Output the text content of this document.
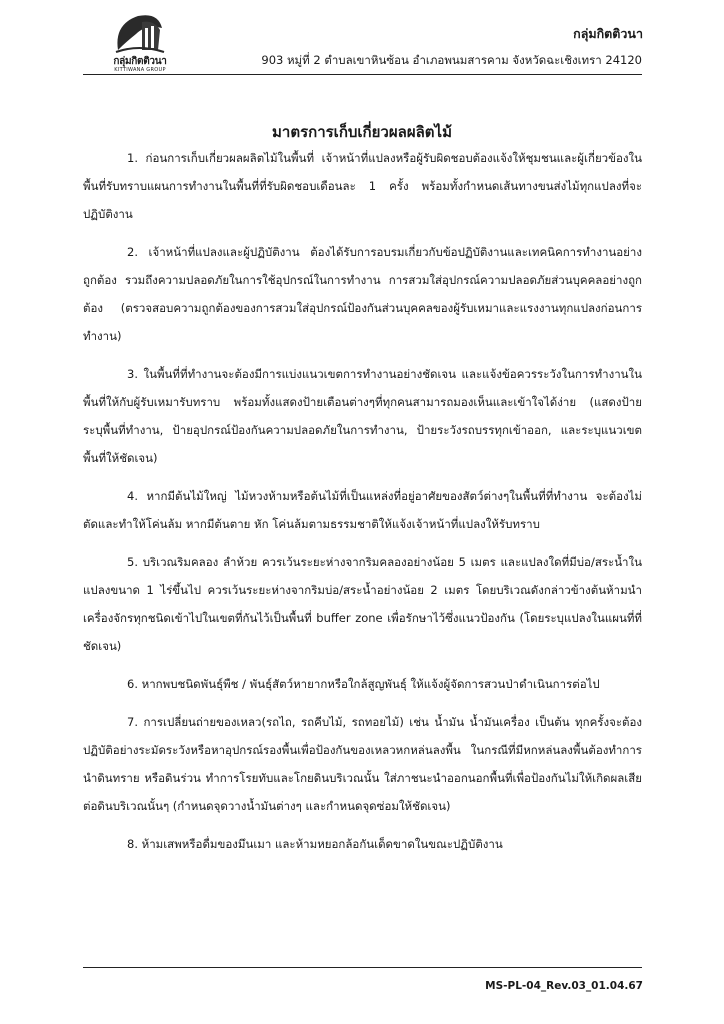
กลุ่มกิตติวนา
KITTIWANA GROUP
กลุ่มกิตติวนา
903 หมู่ที่ 2 ตำบลเขาหินซ้อน อำเภอพนมสารคาม จังหวัดฉะเชิงเทรา 24120
มาตรการเก็บเกี่ยวผลผลิตไม้

1. ก่อนการเก็บเกี่ยวผลผลิตไม้ในพื้นที่ เจ้าหน้าที่แปลงหรือผู้รับผิดชอบต้องแจ้งให้ชุมชนและผู้เกี่ยวข้องในพื้นที่รับทราบแผนการทำงานในพื้นที่ที่รับผิดชอบเดือนละ 1 ครั้ง พร้อมทั้งกำหนดเส้นทางขนส่งไม้ทุกแปลงที่จะปฏิบัติงาน

2. เจ้าหน้าที่แปลงและผู้ปฏิบัติงาน ต้องได้รับการอบรมเกี่ยวกับข้อปฏิบัติงานและเทคนิคการทำงานอย่างถูกต้อง รวมถึงความปลอดภัยในการใช้อุปกรณ์ในการทำงาน การสวมใส่อุปกรณ์ความปลอดภัยส่วนบุคคลอย่างถูกต้อง (ตรวจสอบความถูกต้องของการสวมใส่อุปกรณ์ป้องกันส่วนบุคคลของผู้รับเหมาและแรงงานทุกแปลงก่อนการทำงาน)

3. ในพื้นที่ที่ทำงานจะต้องมีการแบ่งแนวเขตการทำงานอย่างชัดเจน และแจ้งข้อควรระวังในการทำงานในพื้นที่ให้กับผู้รับเหมารับทราบ พร้อมทั้งแสดงป้ายเตือนต่างๆที่ทุกคนสามารถมองเห็นและเข้าใจได้ง่าย (แสดงป้ายระบุพื้นที่ทำงาน, ป้ายอุปกรณ์ป้องกันความปลอดภัยในการทำงาน, ป้ายระวังรถบรรทุกเข้าออก, และระบุแนวเขตพื้นที่ให้ชัดเจน)

4. หากมีต้นไม้ใหญ่ ไม้หวงห้ามหรือต้นไม้ที่เป็นแหล่งที่อยู่อาศัยของสัตว์ต่างๆในพื้นที่ที่ทำงาน จะต้องไม่ตัดและทำให้โค่นล้ม หากมีต้นตาย หัก โค่นล้มตามธรรมชาติให้แจ้งเจ้าหน้าที่แปลงให้รับทราบ

5. บริเวณริมคลอง ลำห้วย ควรเว้นระยะห่างจากริมคลองอย่างน้อย 5 เมตร และแปลงใดที่มีบ่อ/สระน้ำในแปลงขนาด 1 ไร่ขึ้นไป ควรเว้นระยะห่างจากริมบ่อ/สระน้ำอย่างน้อย 2 เมตร โดยบริเวณดังกล่าวข้างต้นห้ามนำเครื่องจักรทุกชนิดเข้าไปในเขตที่กันไว้เป็นพื้นที่ buffer zone เพื่อรักษาไว้ซึ่งแนวป้องกัน (โดยระบุแปลงในแผนที่ที่ชัดเจน)

6. หากพบชนิดพันธุ์พืช / พันธุ์สัตว์หายากหรือใกล้สูญพันธุ์ ให้แจ้งผู้จัดการสวนป่าดำเนินการต่อไป

7. การเปลี่ยนถ่ายของเหลว(รถไถ, รถคีบไม้, รถทอยไม้) เช่น น้ำมัน น้ำมันเครื่อง เป็นต้น ทุกครั้งจะต้องปฏิบัติอย่างระมัดระวังหรือหาอุปกรณ์รองพื้นเพื่อป้องกันของเหลวหกหล่นลงพื้น ในกรณีที่มีหกหล่นลงพื้นต้องทำการนำดินทราย หรือดินร่วน ทำการโรยทับและโกยดินบริเวณนั้น ใส่ภาชนะนำออกนอกพื้นที่เพื่อป้องกันไม่ให้เกิดผลเสียต่อดินบริเวณนั้นๆ (กำหนดจุดวางน้ำมันต่างๆ และกำหนดจุดซ่อมให้ชัดเจน)

8. ห้ามเสพหรือดื่มของมึนเมา และห้ามหยอกล้อกันเด็ดขาดในขณะปฏิบัติงาน

MS-PL-04_Rev.03_01.04.67
